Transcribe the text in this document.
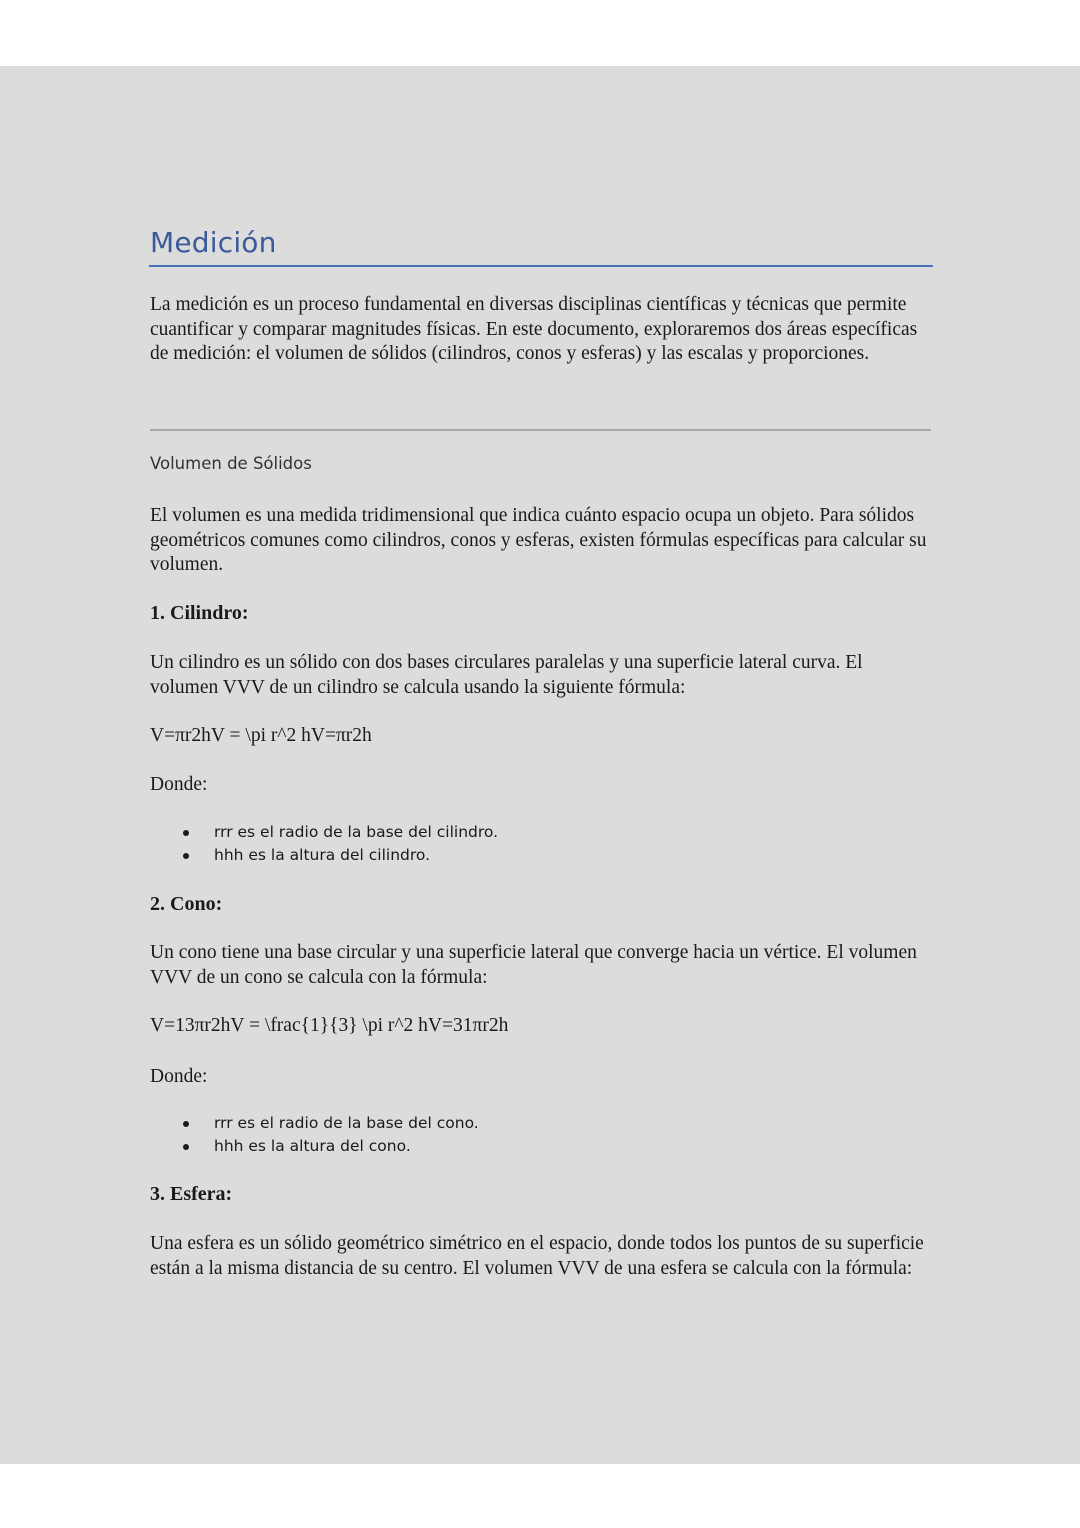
Medición
La medición es un proceso fundamental en diversas disciplinas científicas y técnicas que permite cuantificar y comparar magnitudes físicas. En este documento, exploraremos dos áreas específicas de medición: el volumen de sólidos (cilindros, conos y esferas) y las escalas y proporciones.
Volumen de Sólidos
El volumen es una medida tridimensional que indica cuánto espacio ocupa un objeto. Para sólidos geométricos comunes como cilindros, conos y esferas, existen fórmulas específicas para calcular su volumen.
1. Cilindro:
Un cilindro es un sólido con dos bases circulares paralelas y una superficie lateral curva. El volumen VVV de un cilindro se calcula usando la siguiente fórmula:
V=πr2hV = \pi r^2 hV=πr2h
Donde:
rrr es el radio de la base del cilindro.
hhh es la altura del cilindro.
2. Cono:
Un cono tiene una base circular y una superficie lateral que converge hacia un vértice. El volumen VVV de un cono se calcula con la fórmula:
V=13πr2hV = \frac{1}{3} \pi r^2 hV=31πr2h
Donde:
rrr es el radio de la base del cono.
hhh es la altura del cono.
3. Esfera:
Una esfera es un sólido geométrico simétrico en el espacio, donde todos los puntos de su superficie están a la misma distancia de su centro. El volumen VVV de una esfera se calcula con la fórmula:
